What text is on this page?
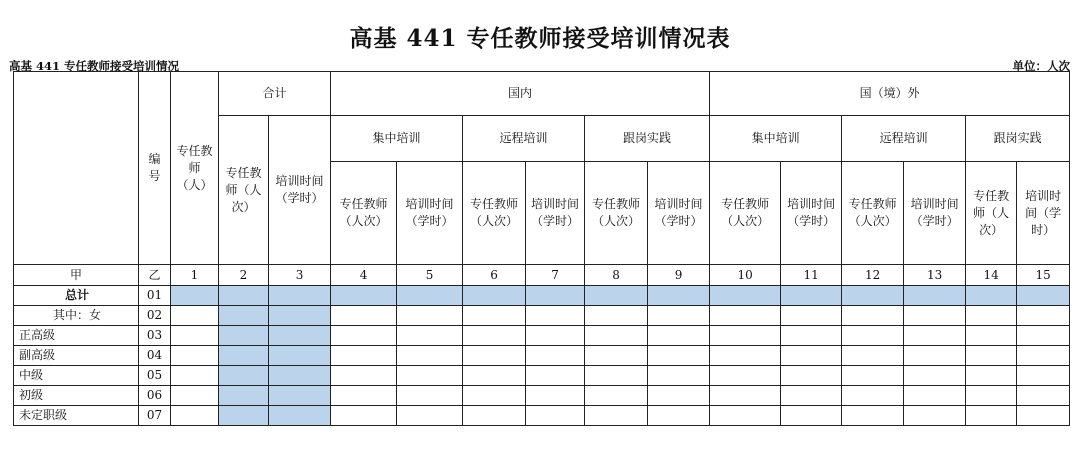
高基 441 专任教师接受培训情况表
高基 441 专任教师接受培训情况	单位：人次
	编号	专任教师（人）	合计		国内						国（境）外					
			专任教师（人次）	培训时间（学时）	集中培训		远程培训		跟岗实践		集中培训		远程培训		跟岗实践	
					专任教师（人次）	培训时间（学时）	专任教师（人次）	培训时间（学时）	专任教师（人次）	培训时间（学时）	专任教师（人次）	培训时间（学时）	专任教师（人次）	培训时间（学时）	专任教师（人次）	培训时间（学时）
甲	乙	1	2	3	4	5	6	7	8	9	10	11	12	13	14	15
总计	01															
其中：女	02															
正高级	03															
副高级	04															
中级	05															
初级	06															
未定职级	07															
